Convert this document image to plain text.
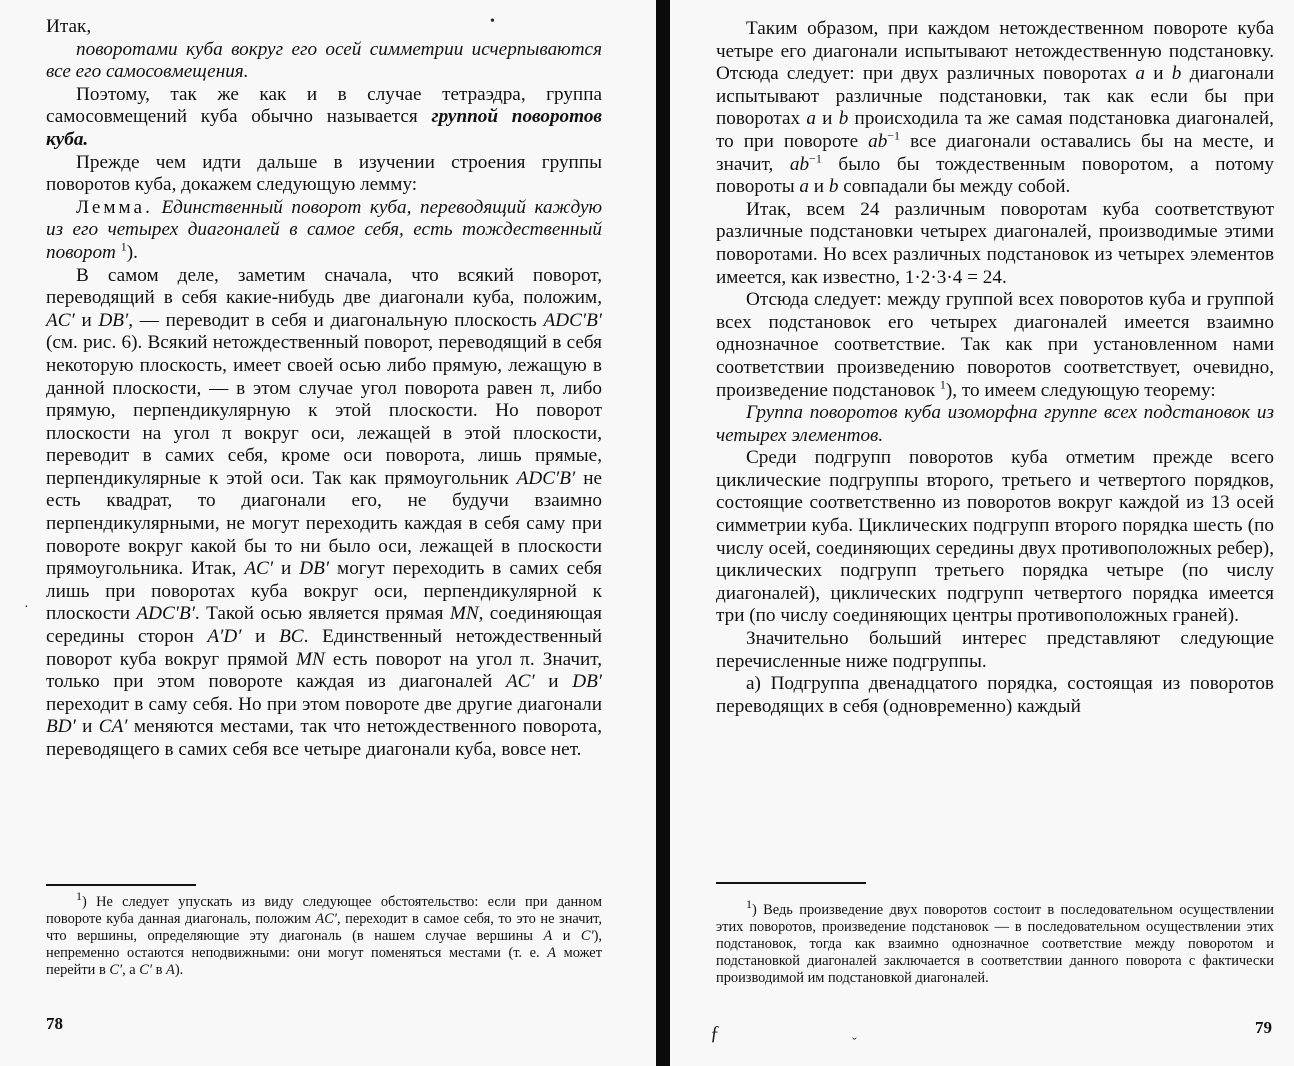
Итак,

поворотами куба вокруг его осей симметрии исчерпываются все его самосовмещения.

Поэтому, так же как и в случае тетраэдра, группа самосовмещений куба обычно называется группой поворотов куба.

Прежде чем идти дальше в изучении строения группы поворотов куба, докажем следующую лемму:

Лемма. Единственный поворот куба, переводящий каждую из его четырех диагоналей в самое себя, есть тождественный поворот $^1$).

В самом деле, заметим сначала, что всякий поворот, переводящий в себя какие-нибудь две диагонали куба, положим, AC′ и DB′, — переводит в себя и диагональную плоскость ADC′B′ (см. рис. 6). Всякий нетождественный поворот, переводящий в себя некоторую плоскость, имеет своей осью либо прямую, лежащую в данной плоскости, — в этом случае угол поворота равен π, либо прямую, перпендикулярную к этой плоскости. Но поворот плоскости на угол π вокруг оси, лежащей в этой плоскости, переводит в самих себя, кроме оси поворота, лишь прямые, перпендикулярные к этой оси. Так как прямоугольник ADC′B′ не есть квадрат, то диагонали его, не будучи взаимно перпендикулярными, не могут переходить каждая в себя саму при повороте вокруг какой бы то ни было оси, лежащей в плоскости прямоугольника. Итак, AC′ и DB′ могут переходить в самих себя лишь при поворотах куба вокруг оси, перпендикулярной к плоскости ADC′B′. Такой осью является прямая MN, соединяющая середины сторон A′D′ и BC. Единственный нетождественный поворот куба вокруг прямой MN есть поворот на угол π. Значит, только при этом повороте каждая из диагоналей AC′ и DB′ переходит в саму себя. Но при этом повороте две другие диагонали BD′ и CA′ меняются местами, так что нетождественного поворота, переводящего в самих себя все четыре диагонали куба, вовсе нет.

$^1$) Не следует упускать из виду следующее обстоятельство: если при данном повороте куба данная диагональ, положим AC′, переходит в самое себя, то это не значит, что вершины, определяющие эту диагональ (в нашем случае вершины A и C′), непременно остаются неподвижными: они могут поменяться местами (т. е. A может перейти в C′, а C′ в A).

78
·
•	Таким образом, при каждом нетождественном повороте куба четыре его диагонали испытывают нетождественную подстановку. Отсюда следует: при двух различных поворотах a и b диагонали испытывают различные подстановки, так как если бы при поворотах a и b происходила та же самая подстановка диагоналей, то при повороте $ab^{-1}$ все диагонали оставались бы на месте, и значит, $ab^{-1}$ было бы тождественным поворотом, а потому повороты a и b совпадали бы между собой.

Итак, всем 24 различным поворотам куба соответствуют различные подстановки четырех диагоналей, производимые этими поворотами. Но всех различных подстановок из четырех элементов имеется, как известно, 1·2·3·4 = 24.

Отсюда следует: между группой всех поворотов куба и группой всех подстановок его четырех диагоналей имеется взаимно однозначное соответствие. Так как при установленном нами соответствии произведению поворотов соответствует, очевидно, произведение подстановок $^1$), то имеем следующую теорему:

Группа поворотов куба изоморфна группе всех подстановок из четырех элементов.

Среди подгрупп поворотов куба отметим прежде всего циклические подгруппы второго, третьего и четвертого порядков, состоящие соответственно из поворотов вокруг каждой из 13 осей симметрии куба. Циклических подгрупп второго порядка шесть (по числу осей, соединяющих середины двух противоположных ребер), циклических подгрупп третьего порядка четыре (по числу диагоналей), циклических подгрупп четвертого порядка имеется три (по числу соединяющих центры противоположных граней).

Значительно больший интерес представляют следующие перечисленные ниже подгруппы.

а) Подгруппа двенадцатого порядка, состоящая из поворотов переводящих в себя (одновременно) каждый

$^1$) Ведь произведение двух поворотов состоит в последовательном осуществлении этих поворотов, произведение подстановок — в последовательном осуществлении этих подстановок, тогда как взаимно однозначное соответствие между поворотом и подстановкой диагоналей заключается в соответствии данного поворота с фактически производимой им подстановкой диагоналей.

79
ƒ	ˇ
